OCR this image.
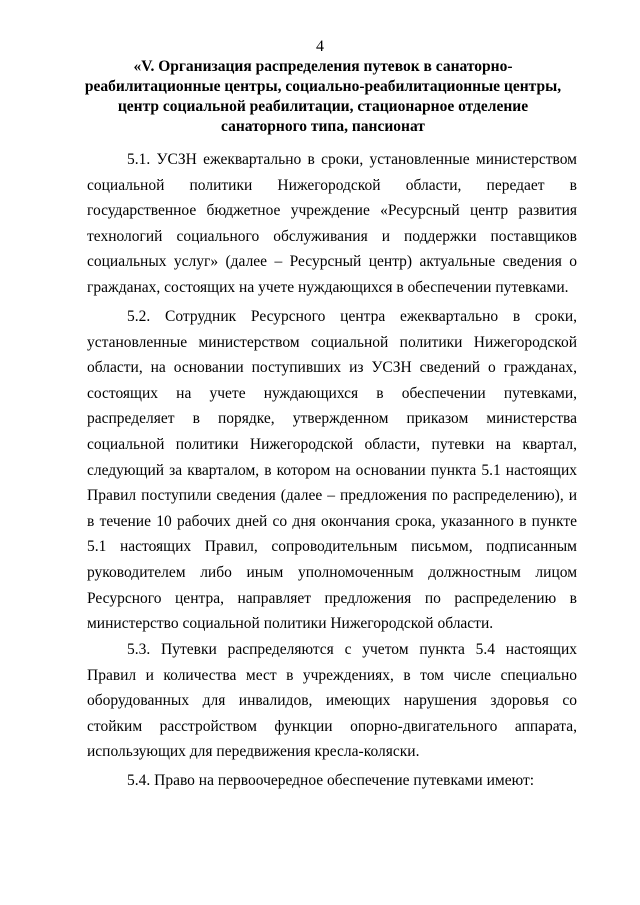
4
«V. Организация распределения путевок в санаторно-реабилитационные центры, социально-реабилитационные центры, центр социальной реабилитации, стационарное отделение санаторного типа, пансионат

5.1. УСЗН ежеквартально в сроки, установленные министерством социальной политики Нижегородской области, передает в государственное бюджетное учреждение «Ресурсный центр развития технологий социального обслуживания и поддержки поставщиков социальных услуг» (далее – Ресурсный центр) актуальные сведения о гражданах, состоящих на учете нуждающихся в обеспечении путевками.

5.2. Сотрудник Ресурсного центра ежеквартально в сроки, установленные министерством социальной политики Нижегородской области, на основании поступивших из УСЗН сведений о гражданах, состоящих на учете нуждающихся в обеспечении путевками, распределяет в порядке, утвержденном приказом министерства социальной политики Нижегородской области, путевки на квартал, следующий за кварталом, в котором на основании пункта 5.1 настоящих Правил поступили сведения (далее – предложения по распределению), и в течение 10 рабочих дней со дня окончания срока, указанного в пункте 5.1 настоящих Правил, сопроводительным письмом, подписанным руководителем либо иным уполномоченным должностным лицом Ресурсного центра, направляет предложения по распределению в министерство социальной политики Нижегородской области.

5.3. Путевки распределяются с учетом пункта 5.4 настоящих Правил и количества мест в учреждениях, в том числе специально оборудованных для инвалидов, имеющих нарушения здоровья со стойким расстройством функции опорно-двигательного аппарата, использующих для передвижения кресла-коляски.

5.4. Право на первоочередное обеспечение путевками имеют:
